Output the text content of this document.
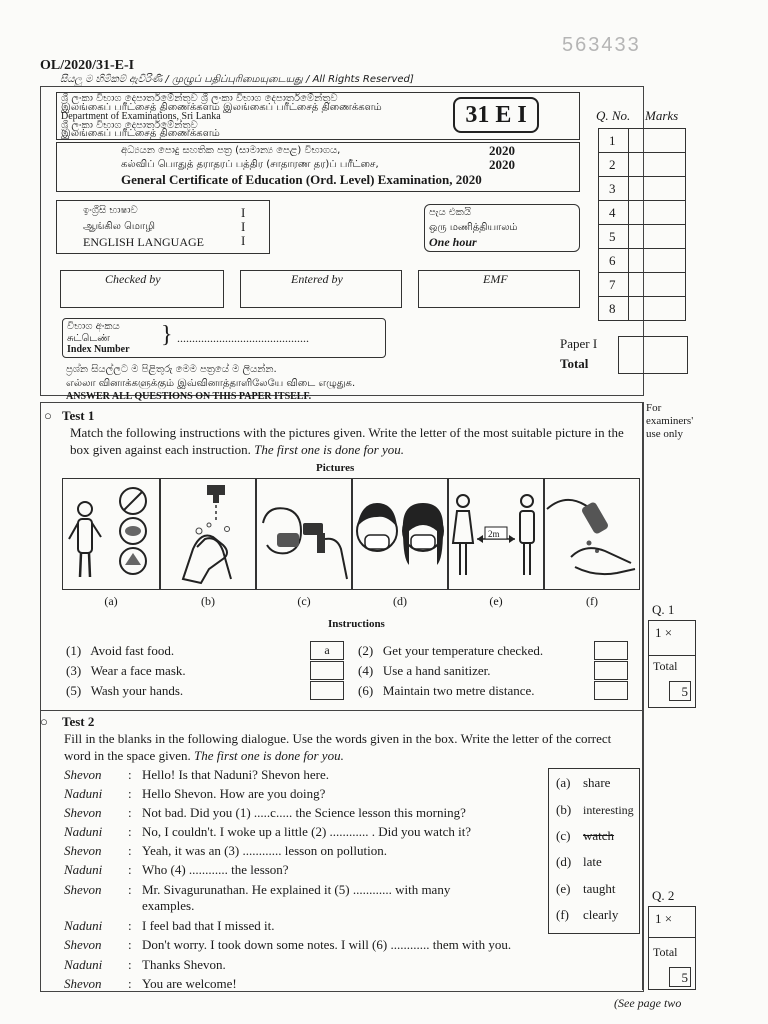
563433
OL/2020/31-E-I
සියලු ම හිමිකම් ඇවිරිණි / முழுப் பதிப்புரிமையுடையது / All Rights Reserved]
ශ්‍රී ලංකා විභාග දෙපාර්තමේන්තුව ශ්‍රී ලංකා විභාග දෙපාර්තමේන්තුව
இலங்கைப் பரீட்சைத் திணைக்களம் இலங்கைப் பரீட்சைத் திணைக்களம்
Department of Examinations, Sri Lanka
ශ්‍රී ලංකා විභාග දෙපාර්තමේන්තුව
இலங்கைப் பரீட்சைத் திணைக்களம்
31 E I
අධ්‍යයන පොදු සහතික පත්‍ර (සාමාන්‍ය පෙළ) විභාගය,	2020
கல்விப் பொதுத் தராதரப் பத்திர (சாதாரண தர)ப் பரீட்சை,	2020
General Certificate of Education (Ord. Level) Examination, 2020
ඉංග්‍රීසි භාෂාව	I
ஆங்கில மொழி	I
ENGLISH LANGUAGE	I
පැය එකයි
ஒரு மணித்தியாலம்
One hour
Q. No. Marks
1	
2	
3	
4	
5	
6	
7	
8	
Paper I
Total
Checked by	Entered by	EMF
විභාග අංකය
சுட்டெண்
Index Number
} ............................................
ප්‍රශ්න සියල්ලට ම පිළිතුරු මෙම පත්‍රයේ ම ලියන්න.
எல்லா வினாக்களுக்கும் இவ்வினாத்தாளிலேயே விடை எழுதுக.
ANSWER ALL QUESTIONS ON THIS PAPER ITSELF.
For examiners' use only
○ Test 1
Match the following instructions with the pictures given. Write the letter of the most suitable picture in the box given against each instruction. The first one is done for you.
Pictures
2m
(a)	(b)	(c)	(d)	(e)	(f)
Instructions
(1) Avoid fast food.	a	(2) Get your temperature checked.
(3) Wear a face mask.	(4) Use a hand sanitizer.
(5) Wash your hands.	(6) Maintain two metre distance.
Q. 1
1 ×
Total
5
○ Test 2
Fill in the blanks in the following dialogue. Use the words given in the box. Write the letter of the correct word in the space given. The first one is done for you.
Shevon : Hello! Is that Naduni? Shevon here.
Naduni : Hello Shevon. How are you doing?
Shevon : Not bad. Did you (1) .....c..... the Science lesson this morning?
Naduni : No, I couldn't. I woke up a little (2) ............ . Did you watch it?
Shevon : Yeah, it was an (3) ............ lesson on pollution.
Naduni : Who (4) ............ the lesson?
Shevon : Mr. Sivagurunathan. He explained it (5) ............ with many
examples.
Naduni : I feel bad that I missed it.
Shevon : Don't worry. I took down some notes. I will (6) ............ them with you.
Naduni : Thanks Shevon.
Shevon : You are welcome!
(a) share
(b) interesting
(c) watch
(d) late
(e) taught
(f) clearly
Q. 2
1 ×
Total
5
(See page two
